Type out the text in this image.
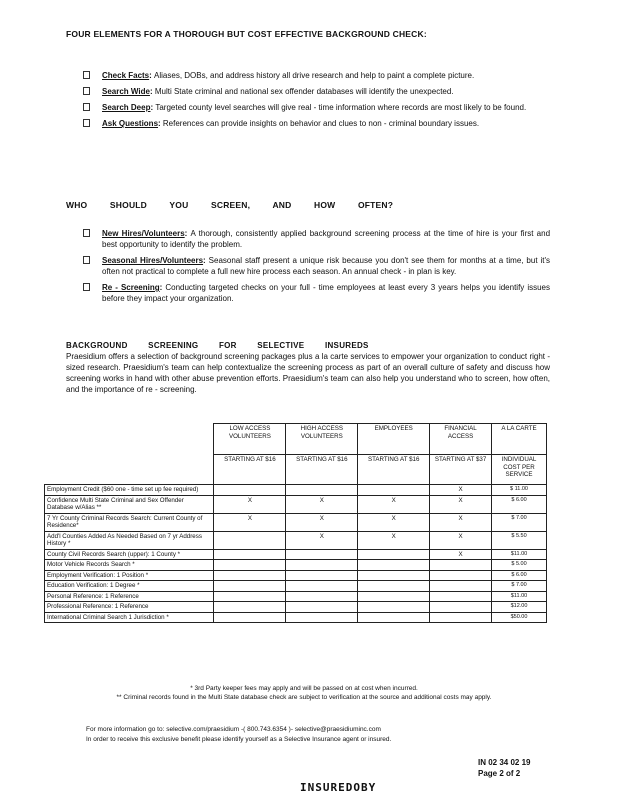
FOUR ELEMENTS FOR A THOROUGH BUT COST EFFECTIVE BACKGROUND CHECK:
Check Facts: Aliases, DOBs, and address history all drive research and help to paint a complete picture.
Search Wide: Multi State criminal and national sex offender databases will identify the unexpected.
Search Deep: Targeted county level searches will give real - time information where records are most likely to be found.
Ask Questions: References can provide insights on behavior and clues to non - criminal boundary issues.
WHO SHOULD YOU SCREEN, AND HOW OFTEN?
New Hires/Volunteers: A thorough, consistently applied background screening process at the time of hire is your first and best opportunity to identify the problem.
Seasonal Hires/Volunteers: Seasonal staff present a unique risk because you don't see them for months at a time, but it's often not practical to complete a full new hire process each season. An annual check - in plan is key.
Re - Screening: Conducting targeted checks on your full - time employees at least every 3 years helps you identify issues before they impact your organization.
BACKGROUND SCREENING FOR SELECTIVE INSUREDS

Praesidium offers a selection of background screening packages plus a la carte services to empower your organization to conduct right - sized research. Praesidium's team can help contextualize the screening process as part of an overall culture of safety and discuss how screening works in hand with other abuse prevention efforts. Praesidium's team can also help you understand who to screen, how often, and the importance of re - screening.

	LOW ACCESS VOLUNTEERS	HIGH ACCESS VOLUNTEERS	EMPLOYEES	FINANCIAL ACCESS	A LA CARTE
	STARTING AT $16	STARTING AT $16	STARTING AT $16	STARTING AT $37	INDIVIDUAL COST PER SERVICE
Employment Credit ($60 one - time set up fee required)				X	$ 11.00
Confidence Multi State Criminal and Sex Offender Database w/Alias **	X	X	X	X	$ 6.00
7 Yr County Criminal Records Search: Current County of Residence*	X	X	X	X	$ 7.00
Add'l Counties Added As Needed Based on 7 yr Address History *		X	X	X	$ 5.50
County Civil Records Search (upper): 1 County *				X	$11.00
Motor Vehicle Records Search *					$ 5.00
Employment Verification: 1 Position *					$ 6.00
Education Verification: 1 Degree *					$ 7.00
Personal Reference: 1 Reference					$11.00
Professional Reference: 1 Reference					$12.00
International Criminal Search 1 Jurisdiction *					$50.00
* 3rd Party keeper fees may apply and will be passed on at cost when incurred.
** Criminal records found in the Multi State database check are subject to verification at the source and additional costs may apply.

For more information go to: selective.com/praesidium -( 800.743.6354 )- selective@praesidiuminc.com

In order to receive this exclusive benefit please identify yourself as a Selective Insurance agent or insured.

IN 02 34 02 19
Page 2 of 2
INSUREDOBY
